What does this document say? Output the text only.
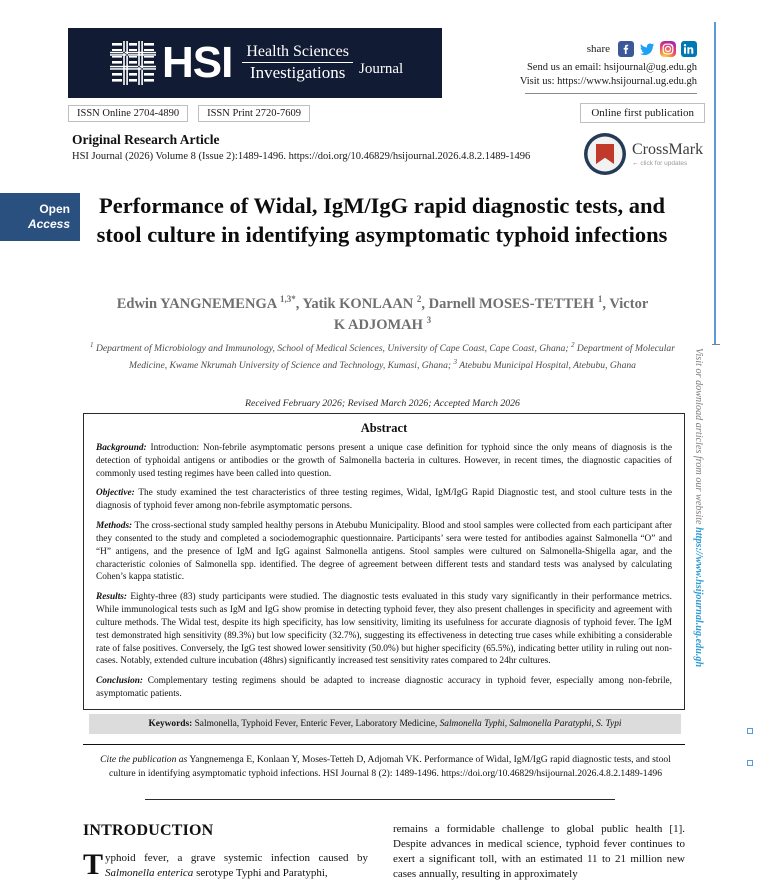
HSI Health Sciences
Investigations Journal
ISSN Online 2704-4890	ISSN Print 2720-7609
share
Send us an email: hsijournal@ug.edu.gh
Visit us: https://www.hsijournal.ug.edu.gh
Online first publication
Original Research Article
HSI Journal (2026) Volume 8 (Issue 2):1489-1496. https://doi.org/10.46829/hsijournal.2026.4.8.2.1489-1496	CrossMark
← click for updates
Open
Access
Performance of Widal, IgM/IgG rapid diagnostic tests, and stool culture in identifying asymptomatic typhoid infections
Edwin YANGNEMENGA $^{1,3*}$, Yatik KONLAAN $^2$, Darnell MOSES-TETTEH $^1$, Victor K ADJOMAH $^3$
$^1$ Department of Microbiology and Immunology, School of Medical Sciences, University of Cape Coast, Cape Coast, Ghana; $^2$ Department of Molecular Medicine, Kwame Nkrumah University of Science and Technology, Kumasi, Ghana; $^3$ Atebubu Municipal Hospital, Atebubu, Ghana
Received February 2026; Revised March 2026; Accepted March 2026
Abstract

Background: Introduction: Non-febrile asymptomatic persons present a unique case definition for typhoid since the only means of diagnosis is the detection of typhoidal antigens or antibodies or the growth of Salmonella bacteria in cultures. However, in recent times, the diagnostic capacities of commonly used testing regimes have been called into question.

Objective: The study examined the test characteristics of three testing regimes, Widal, IgM/IgG Rapid Diagnostic test, and stool culture tests in the diagnosis of typhoid fever among non-febrile asymptomatic persons.

Methods: The cross-sectional study sampled healthy persons in Atebubu Municipality. Blood and stool samples were collected from each participant after they consented to the study and completed a sociodemographic questionnaire. Participants’ sera were tested for antibodies against Salmonella “O” and “H” antigens, and the presence of IgM and IgG against Salmonella antigens. Stool samples were cultured on Salmonella-Shigella agar, and the characteristic colonies of Salmonella spp. identified. The degree of agreement between different tests and standard tests was analysed by calculating Cohen’s kappa statistic.

Results: Eighty-three (83) study participants were studied. The diagnostic tests evaluated in this study vary significantly in their performance metrics. While immunological tests such as IgM and IgG show promise in detecting typhoid fever, they also present challenges in specificity and agreement with culture methods. The Widal test, despite its high specificity, has low sensitivity, limiting its usefulness for accurate diagnosis of typhoid fever. The IgM test demonstrated high sensitivity (89.3%) but low specificity (32.7%), suggesting its effectiveness in detecting true cases while exhibiting a considerable rate of false positives. Conversely, the IgG test showed lower sensitivity (50.0%) but higher specificity (65.5%), indicating better utility in ruling out non-cases. Notably, extended culture incubation (48hrs) significantly increased test sensitivity rates compared to 24hr cultures.

Conclusion: Complementary testing regimens should be adapted to increase diagnostic accuracy in typhoid fever, especially among non-febrile, asymptomatic patients.

Keywords: Salmonella, Typhoid Fever, Enteric Fever, Laboratory Medicine, Salmonella Typhi, Salmonella Paratyphi, S. Typi
Cite the publication as Yangnemenga E, Konlaan Y, Moses-Tetteh D, Adjomah VK. Performance of Widal, IgM/IgG rapid diagnostic tests, and stool culture in identifying asymptomatic typhoid infections. HSI Journal 8 (2): 1489-1496. https://doi.org/10.46829/hsijournal.2026.4.8.2.1489-1496
INTRODUCTION
Typhoid fever, a grave systemic infection caused by Salmonella enterica serotype Typhi and Paratyphi,
remains a formidable challenge to global public health [1]. Despite advances in medical science, typhoid fever continues to exert a significant toll, with an estimated 11 to 21 million new cases annually, resulting in approximately
Visit or download articles from our website https://www.hsijournal.ug.edu.gh
